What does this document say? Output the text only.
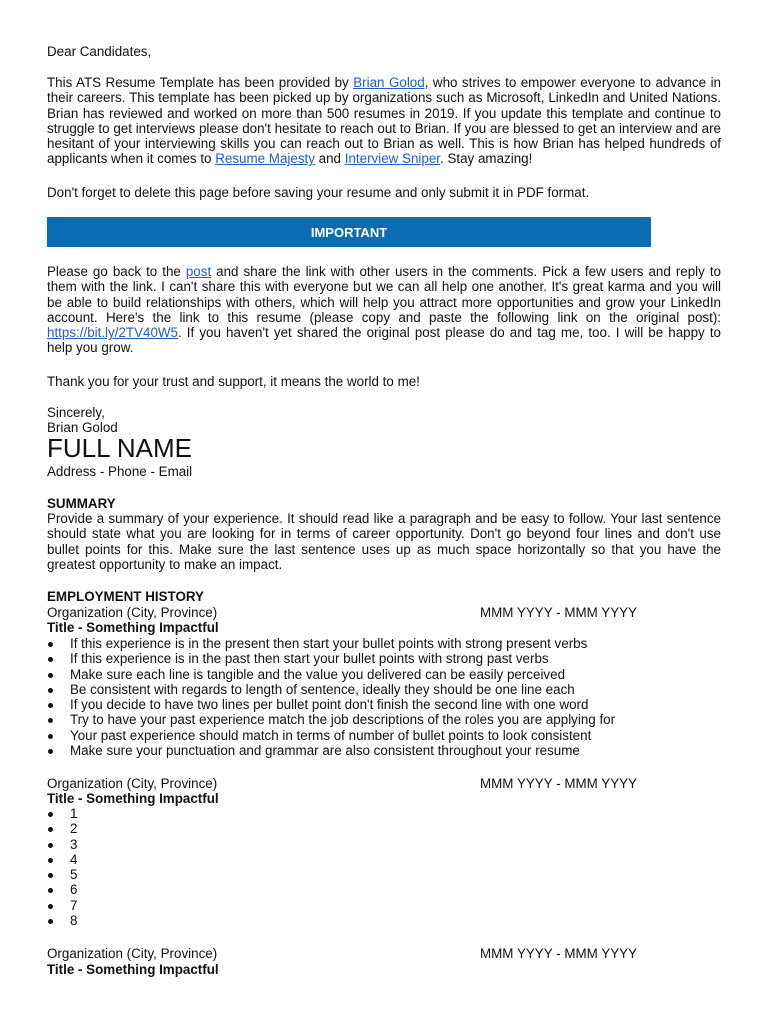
Dear Candidates,
This ATS Resume Template has been provided by Brian Golod, who strives to empower everyone to advance in their careers. This template has been picked up by organizations such as Microsoft, LinkedIn and United Nations. Brian has reviewed and worked on more than 500 resumes in 2019. If you update this template and continue to struggle to get interviews please don't hesitate to reach out to Brian. If you are blessed to get an interview and are hesitant of your interviewing skills you can reach out to Brian as well. This is how Brian has helped hundreds of applicants when it comes to Resume Majesty and Interview Sniper. Stay amazing!
Don't forget to delete this page before saving your resume and only submit it in PDF format.
IMPORTANT
Please go back to the post and share the link with other users in the comments. Pick a few users and reply to them with the link. I can't share this with everyone but we can all help one another. It's great karma and you will be able to build relationships with others, which will help you attract more opportunities and grow your LinkedIn account. Here's the link to this resume (please copy and paste the following link on the original post): https://bit.ly/2TV40W5. If you haven't yet shared the original post please do and tag me, too. I will be happy to help you grow.
Thank you for your trust and support, it means the world to me!
Sincerely,
Brian Golod
FULL NAME
Address - Phone - Email
SUMMARY
Provide a summary of your experience. It should read like a paragraph and be easy to follow. Your last sentence should state what you are looking for in terms of career opportunity. Don't go beyond four lines and don't use bullet points for this. Make sure the last sentence uses up as much space horizontally so that you have the greatest opportunity to make an impact.
EMPLOYMENT HISTORY
Organization (City, Province)	MMM YYYY - MMM YYYY
Title - Something Impactful
If this experience is in the present then start your bullet points with strong present verbs
If this experience is in the past then start your bullet points with strong past verbs
Make sure each line is tangible and the value you delivered can be easily perceived
Be consistent with regards to length of sentence, ideally they should be one line each
If you decide to have two lines per bullet point don't finish the second line with one word
Try to have your past experience match the job descriptions of the roles you are applying for
Your past experience should match in terms of number of bullet points to look consistent
Make sure your punctuation and grammar are also consistent throughout your resume
Organization (City, Province)	MMM YYYY - MMM YYYY
Title - Something Impactful
1
2
3
4
5
6
7
8
Organization (City, Province)	MMM YYYY - MMM YYYY
Title - Something Impactful
